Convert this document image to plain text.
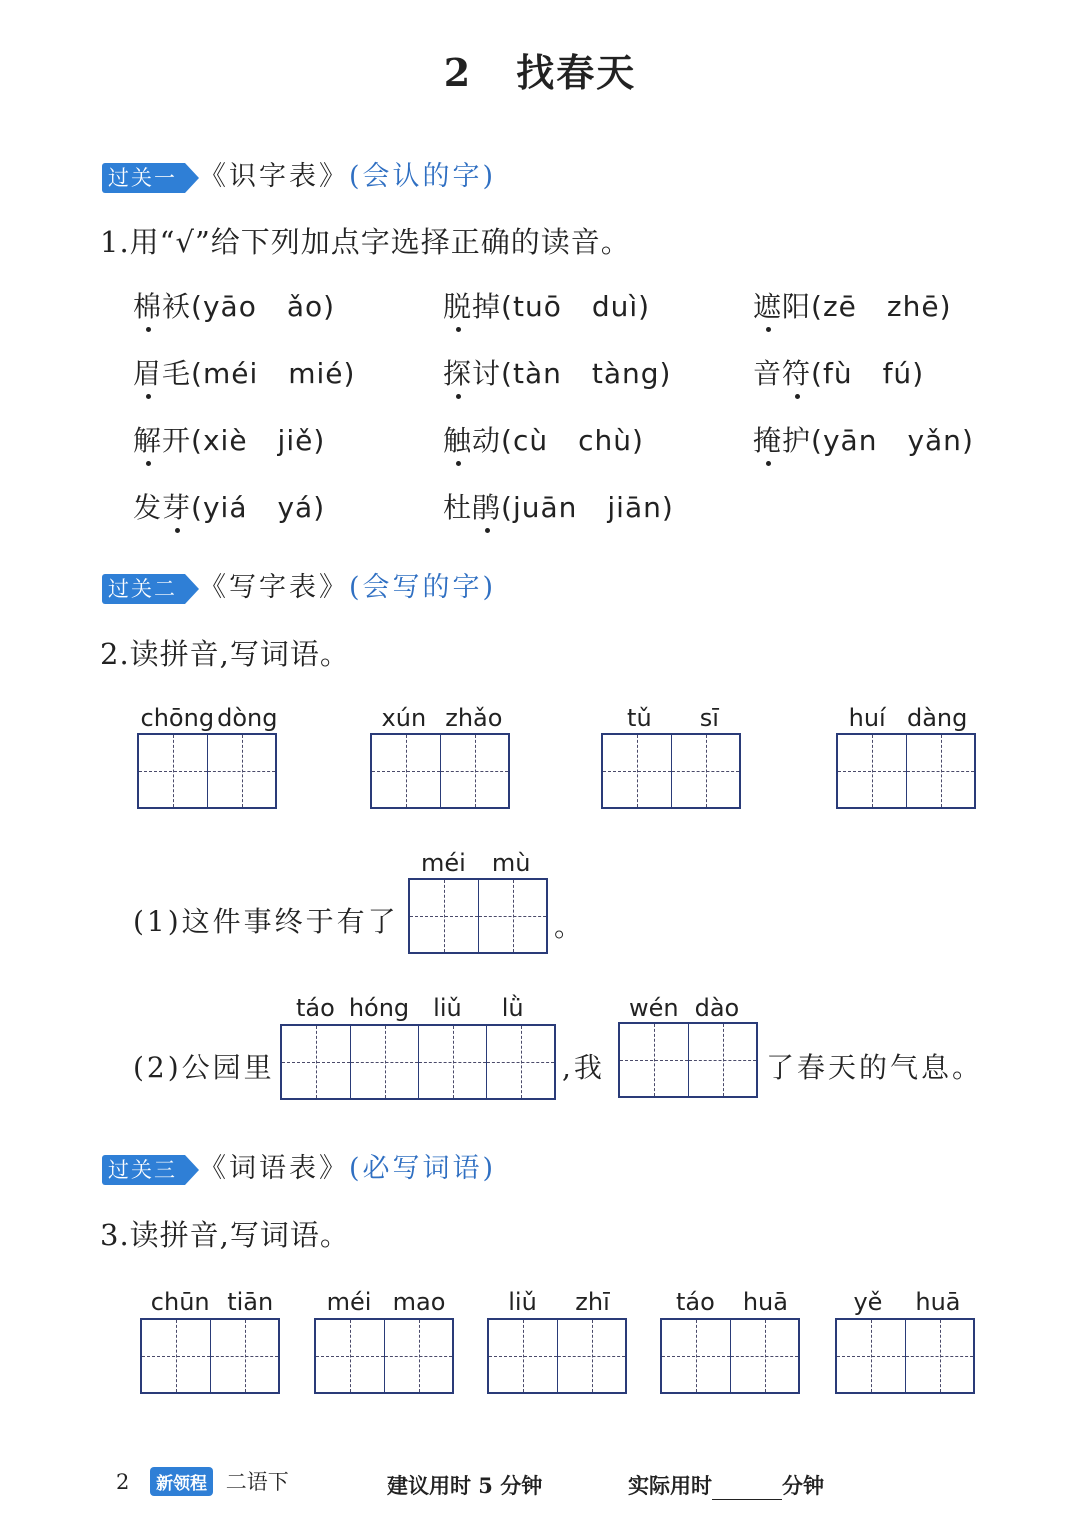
2 找春天
过关一 《识字表》(会认的字)
1.用“√”给下列加点字选择正确的读音。
棉袄(yāo ǎo)	脱掉(tuō duì)	遮阳(zē zhē)
眉毛(méi mié)	探讨(tàn tàng)	音符(fù fú)
解开(xiè jiě)	触动(cù chù)	掩护(yān yǎn)
发芽(yiá yá)	杜鹃(juān jiān)
过关二 《写字表》(会写的字)
2.读拼音,写词语。
chōng dòng	xún zhǎo	tǔ sī	huí dàng
(1)这件事终于有了
méi mù
。
(2)公园里
táo hóng liǔ lǜ
,我
wén dào
了春天的气息。
过关三 《词语表》(必写词语)
3.读拼音,写词语。
chūn tiān méi mao	liǔ zhī	táo huā	yě huā
2 新领程 二语下	建议用时 5 分钟	实际用时	分钟
